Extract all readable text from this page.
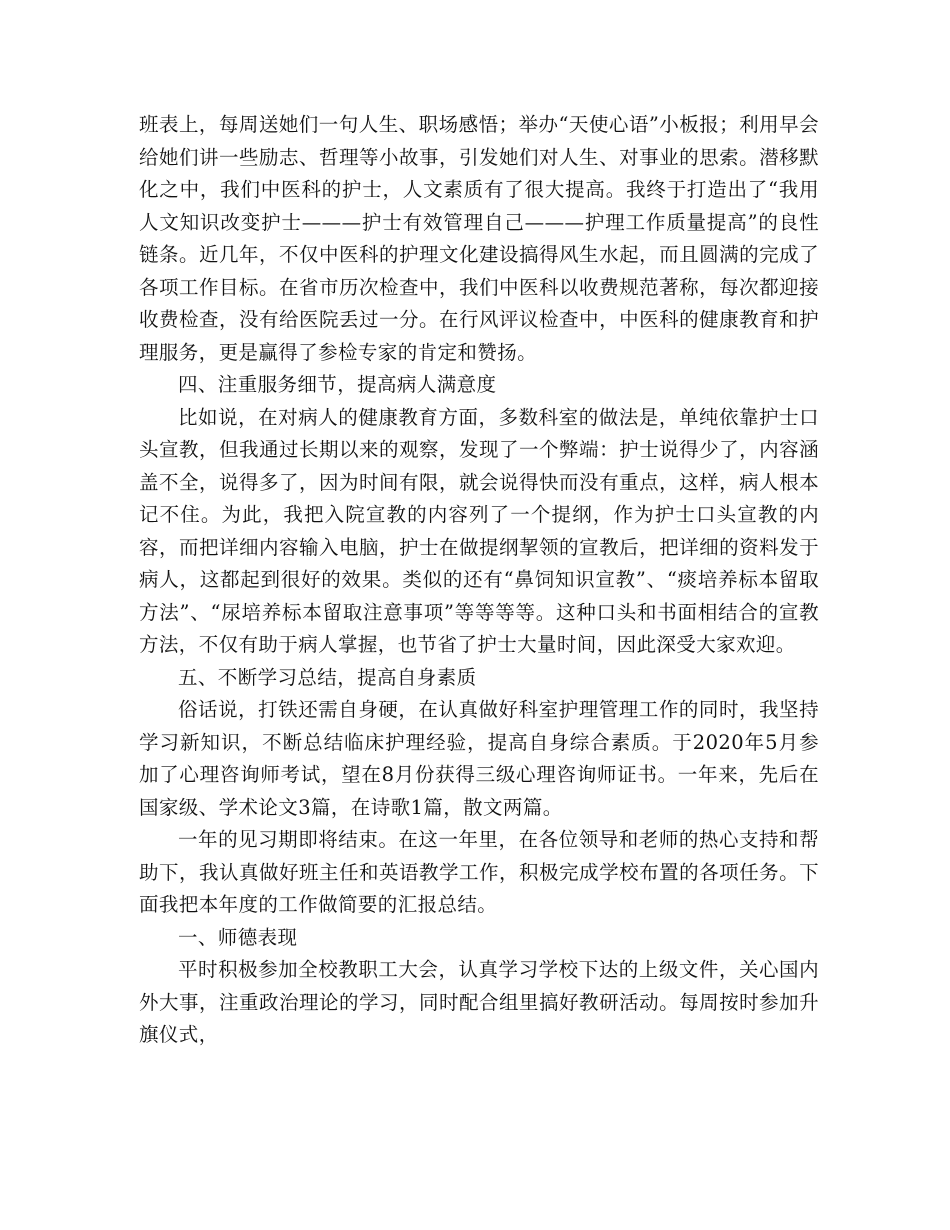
班表上，每周送她们一句人生、职场感悟；举办“天使心语”小板报；利用早会给她们讲一些励志、哲理等小故事，引发她们对人生、对事业的思索。潜移默化之中，我们中医科的护士，人文素质有了很大提高。我终于打造出了“我用人文知识改变护士———护士有效管理自己———护理工作质量提高”的良性链条。近几年，不仅中医科的护理文化建设搞得风生水起，而且圆满的完成了各项工作目标。在省市历次检查中，我们中医科以收费规范著称，每次都迎接收费检查，没有给医院丢过一分。在行风评议检查中，中医科的健康教育和护理服务，更是赢得了参检专家的肯定和赞扬。

四、注重服务细节，提高病人满意度

比如说，在对病人的健康教育方面，多数科室的做法是，单纯依靠护士口头宣教，但我通过长期以来的观察，发现了一个弊端：护士说得少了，内容涵盖不全，说得多了，因为时间有限，就会说得快而没有重点，这样，病人根本记不住。为此，我把入院宣教的内容列了一个提纲，作为护士口头宣教的内容，而把详细内容输入电脑，护士在做提纲挈领的宣教后，把详细的资料发于病人，这都起到很好的效果。类似的还有“鼻饲知识宣教”、“痰培养标本留取方法”、“尿培养标本留取注意事项”等等等等。这种口头和书面相结合的宣教方法，不仅有助于病人掌握，也节省了护士大量时间，因此深受大家欢迎。

五、不断学习总结，提高自身素质

俗话说，打铁还需自身硬，在认真做好科室护理管理工作的同时，我坚持学习新知识，不断总结临床护理经验，提高自身综合素质。于2020年5月参加了心理咨询师考试，望在8月份获得三级心理咨询师证书。一年来，先后在国家级、学术论文3篇，在诗歌1篇，散文两篇。

一年的见习期即将结束。在这一年里，在各位领导和老师的热心支持和帮助下，我认真做好班主任和英语教学工作，积极完成学校布置的各项任务。下面我把本年度的工作做简要的汇报总结。

一、师德表现

平时积极参加全校教职工大会，认真学习学校下达的上级文件，关心国内外大事，注重政治理论的学习，同时配合组里搞好教研活动。每周按时参加升旗仪式，
